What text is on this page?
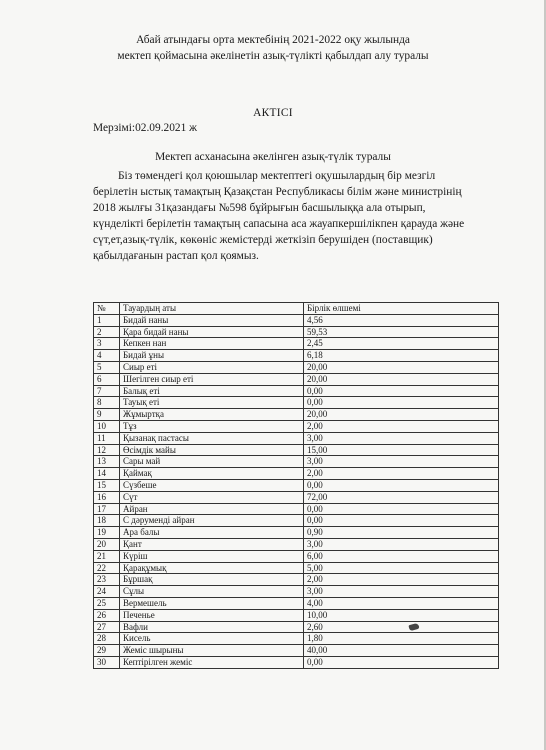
Абай атындағы орта мектебінің 2021-2022 оқу жылында
мектеп қоймасына әкелінетін азық-түлікті қабылдап алу туралы
АКТІСІ
Мерзімі:02.09.2021 ж
Мектеп асханасына әкелінген азық-түлік туралы
Біз төмендегі қол қоюшылар мектептегі оқушылардың бір мезгіл
берілетін ыстық тамақтың Қазақстан Республикасы білім және министрінің
2018 жылғы 31қазандағы №598 бұйрығын басшылыққа ала отырып,
күнделікті берілетін тамақтың сапасына аса жауапкершілікпен қарауда және
сүт,ет,азық-түлік, көкөніс жемістерді жеткізіп берушіден (поставщик)
қабылдағанын растап қол қоямыз.
№	Тауардың аты	Бірлік өлшемі
1	Бидай наны	4,56
2	Қара бидай наны	59,53
3	Кепкен нан	2,45
4	Бидай ұны	6,18
5	Сиыр еті	20,00
6	Шегілген сиыр еті	20,00
7	Балық еті	0,00
8	Тауық еті	0,00
9	Жұмыртқа	20,00
10	Тұз	2,00
11	Қызанақ пастасы	3,00
12	Өсімдік майы	15,00
13	Сары май	3,00
14	Қаймақ	2,00
15	Сүзбеше	0,00
16	Сүт	72,00
17	Айран	0,00
18	С дәруменді айран	0,00
19	Ара балы	0,90
20	Қант	3,00
21	Күріш	6,00
22	Қарақұмық	5,00
23	Бұршақ	2,00
24	Сұлы	3,00
25	Вермешель	4,00
26	Печенье	10,00
27	Вафли	2,60
28	Кисель	1,80
29	Жеміс шырыны	40,00
30	Кептірілген жеміс	0,00
